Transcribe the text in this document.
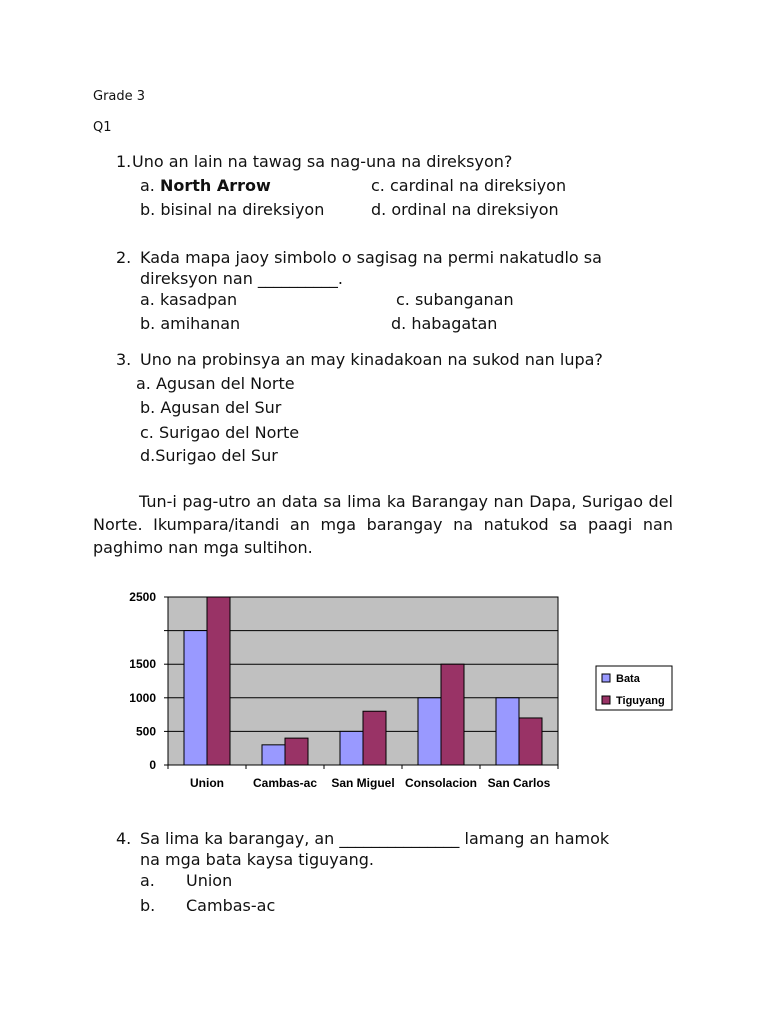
Grade 3
Q1
1. Uno an lain na tawag sa nag-una na direksyon?
a. North Arrow	c. cardinal na direksiyon
b. bisinal na direksiyon	d. ordinal na direksiyon
2. Kada mapa jaoy simbolo o sagisag na permi nakatudlo sa
direksyon nan __________.
a. kasadpan	c. subanganan
b. amihanan	d. habagatan
3. Uno na probinsya an may kinadakoan na sukod nan lupa?
a. Agusan del Norte
b. Agusan del Sur
c. Surigao del Norte
d.Surigao del Sur
Tun-i pag-utro an data sa lima ka Barangay nan Dapa, Surigao del Norte. Ikumpara/itandi an mga barangay na natukod sa paagi nan paghimo nan mga sultihon.
0
500
1000
1500
2500
Union Cambas-ac San Miguel Consolacion San Carlos
Bata
Tiguyang
4. Sa lima ka barangay, an _______________ lamang an hamok
na mga bata kaysa tiguyang.
a. Union
b. Cambas-ac
